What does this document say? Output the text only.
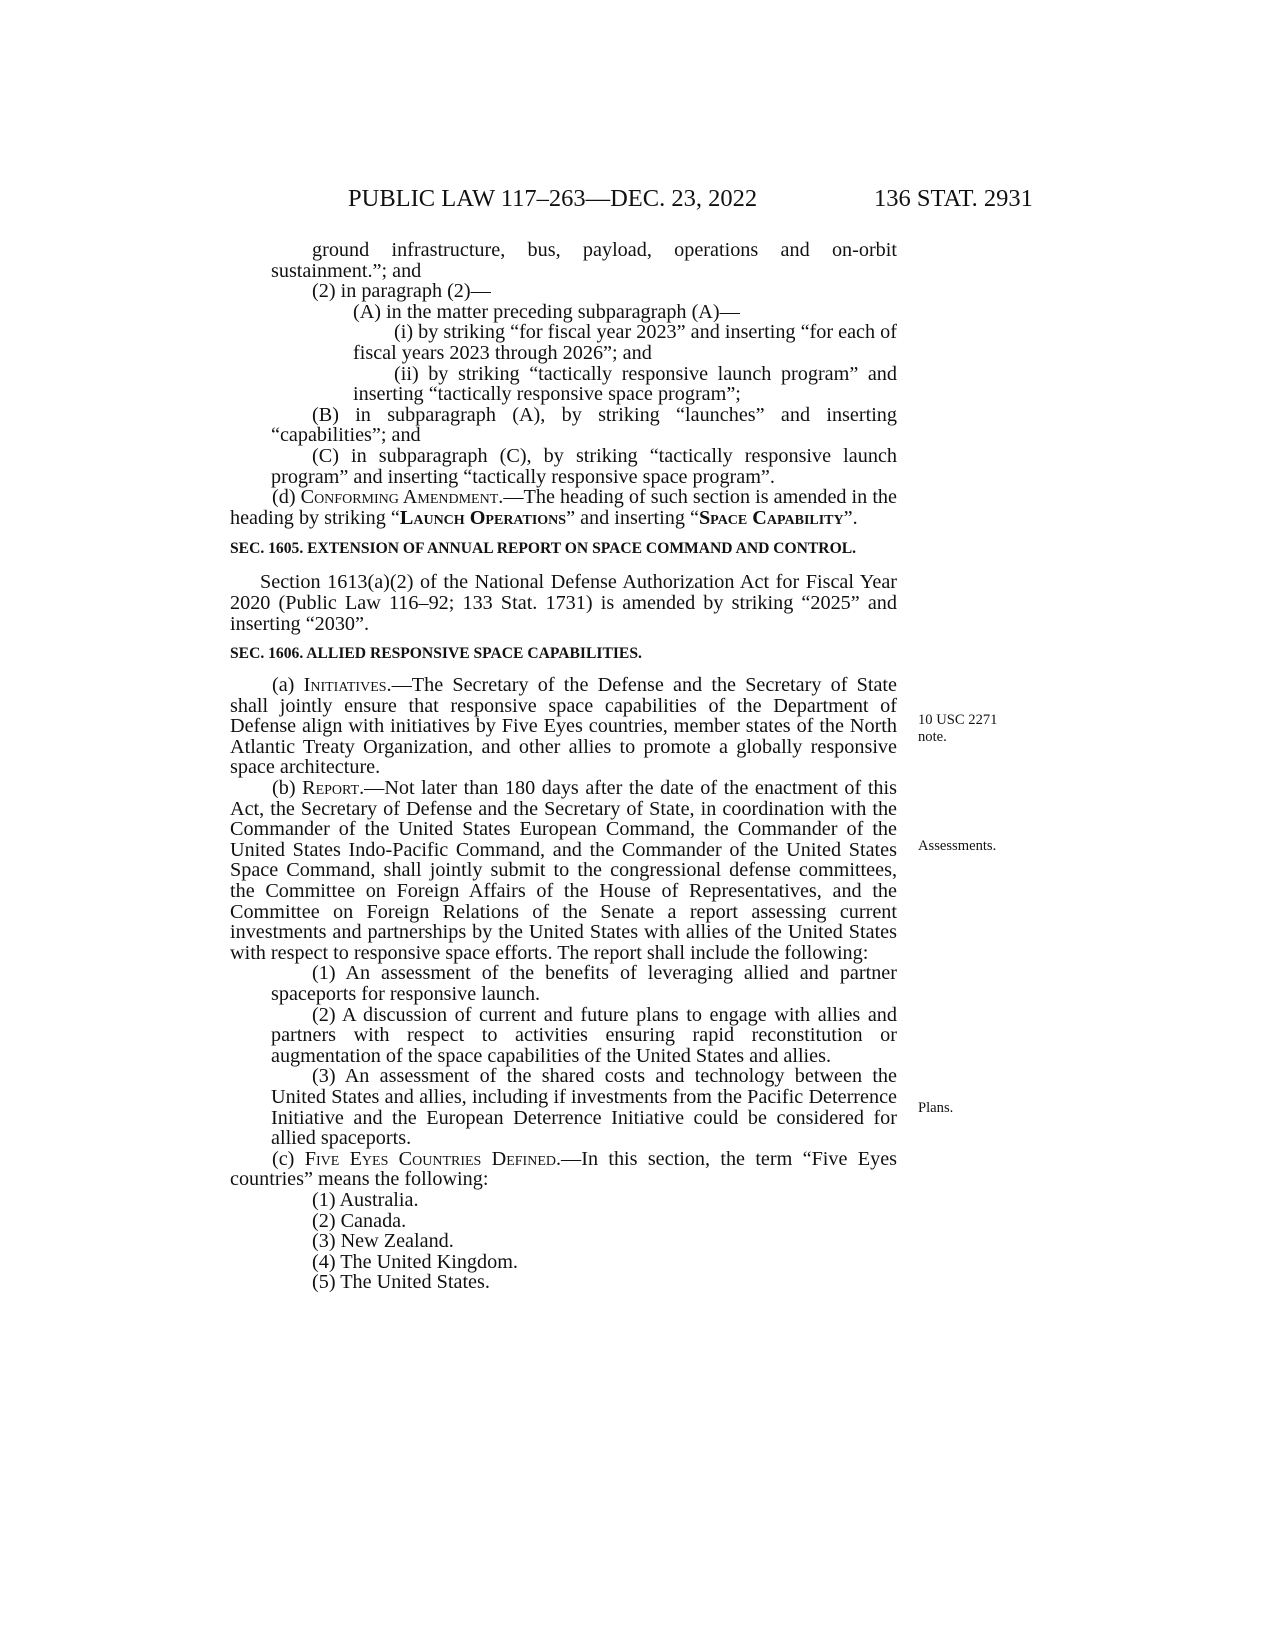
PUBLIC LAW 117–263—DEC. 23, 2022	136 STAT. 2931

ground infrastructure, bus, payload, operations and on-orbit sustainment.”; and

(2) in paragraph (2)—

(A) in the matter preceding subparagraph (A)—

(i) by striking “for fiscal year 2023” and inserting “for each of fiscal years 2023 through 2026”; and

(ii) by striking “tactically responsive launch program” and inserting “tactically responsive space program”;

(B) in subparagraph (A), by striking “launches” and inserting “capabilities”; and

(C) in subparagraph (C), by striking “tactically responsive launch program” and inserting “tactically responsive space program”.

(d) Conforming Amendment.—The heading of such section is amended in the heading by striking “Launch Operations” and inserting “Space Capability”.

SEC. 1605. EXTENSION OF ANNUAL REPORT ON SPACE COMMAND AND CONTROL.

Section 1613(a)(2) of the National Defense Authorization Act for Fiscal Year 2020 (Public Law 116–92; 133 Stat. 1731) is amended by striking “2025” and inserting “2030”.

SEC. 1606. ALLIED RESPONSIVE SPACE CAPABILITIES.

(a) Initiatives.—The Secretary of the Defense and the Secretary of State shall jointly ensure that responsive space capabilities of the Department of Defense align with initiatives by Five Eyes countries, member states of the North Atlantic Treaty Organization, and other allies to promote a globally responsive space architecture.

(b) Report.—Not later than 180 days after the date of the enactment of this Act, the Secretary of Defense and the Secretary of State, in coordination with the Commander of the United States European Command, the Commander of the United States Indo-Pacific Command, and the Commander of the United States Space Command, shall jointly submit to the congressional defense committees, the Committee on Foreign Affairs of the House of Representatives, and the Committee on Foreign Relations of the Senate a report assessing current investments and partnerships by the United States with allies of the United States with respect to responsive space efforts. The report shall include the following:

(1) An assessment of the benefits of leveraging allied and partner spaceports for responsive launch.

(2) A discussion of current and future plans to engage with allies and partners with respect to activities ensuring rapid reconstitution or augmentation of the space capabilities of the United States and allies.

(3) An assessment of the shared costs and technology between the United States and allies, including if investments from the Pacific Deterrence Initiative and the European Deterrence Initiative could be considered for allied spaceports.

(c) Five Eyes Countries Defined.—In this section, the term “Five Eyes countries” means the following:

(1) Australia.

(2) Canada.

(3) New Zealand.

(4) The United Kingdom.

(5) The United States.

10 USC 2271
note.
Assessments.
Plans.
